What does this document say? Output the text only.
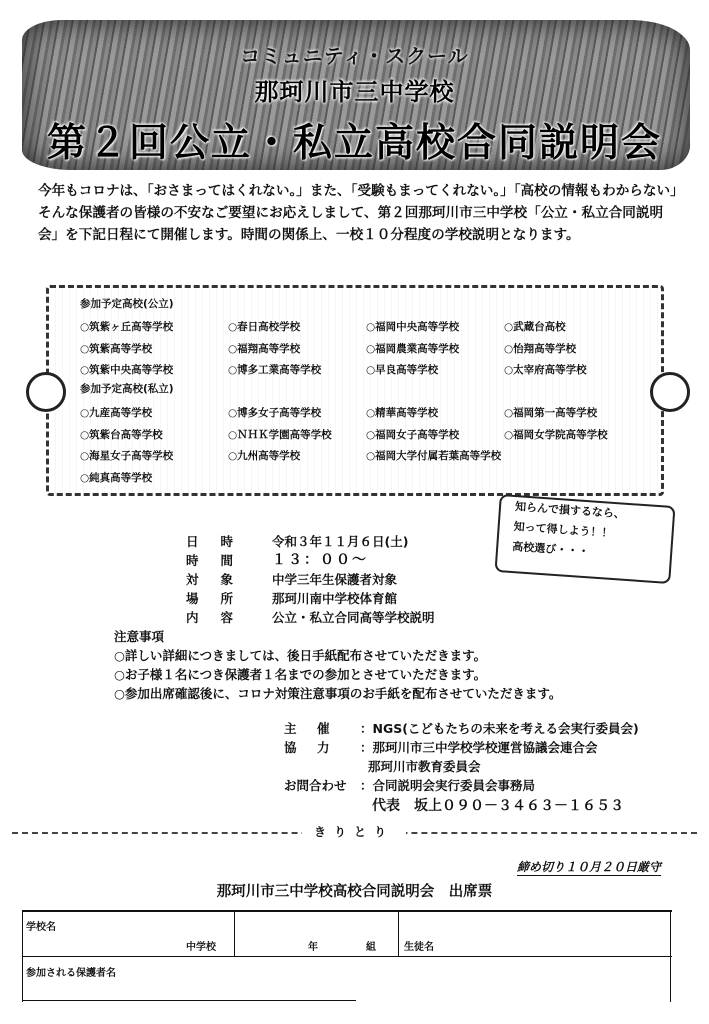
コミュニティ・スクール
那珂川市三中学校
第２回公立・私立高校合同説明会

今年もコロナは、「おさまってはくれない。」また、「受験もまってくれない。」「高校の情報もわからない」そんな保護者の皆様の不安なご要望にお応えしまして、第２回那珂川市三中学校「公立・私立合同説明会」を下記日程にて開催します。時間の関係上、一校１０分程度の学校説明となります。

参加予定高校(公立)
○筑紫ヶ丘高等学校	○春日高校学校	○福岡中央高等学校	○武蔵台高校
○筑紫高等学校	○福翔高等学校	○福岡農業高等学校	○怡翔高等学校
○筑紫中央高等学校	○博多工業高等学校	○早良高等学校	○太宰府高等学校
参加予定高校(私立)
○九産高等学校	○博多女子高等学校	○精華高等学校	○福岡第一高等学校
○筑紫台高等学校	○ＮＨＫ学園高等学校	○福岡女子高等学校	○福岡女学院高等学校
○海星女子高等学校	○九州高等学校	○福岡大学付属若葉高等学校
○純真高等学校
知らんで損するなら、
知って得しよう！！
高校選び・・・
日時 令和３年１１月６日(土)
時間 １３：００～
対象 中学三年生保護者対象
場所 那珂川南中学校体育館
内容 公立・私立合同高等学校説明
注意事項
○詳しい詳細につきましては、後日手紙配布させていただきます。
○お子様１名につき保護者１名までの参加とさせていただきます。
○参加出席確認後に、コロナ対策注意事項のお手紙を配布させていただきます。
主　催 ：NGS(こどもたちの未来を考える会実行委員会)
協　力 ：那珂川市三中学校学校運営協議会連合会
那珂川市教育委員会
お問合わせ ：合同説明会実行委員会事務局
代表　坂上０９０－３４６３－１６５３
きりとり
締め切り１０月２０日厳守
那珂川市三中学校高校合同説明会　出席票
学校名
中学校	年	組	生徒名
参加される保護者名
